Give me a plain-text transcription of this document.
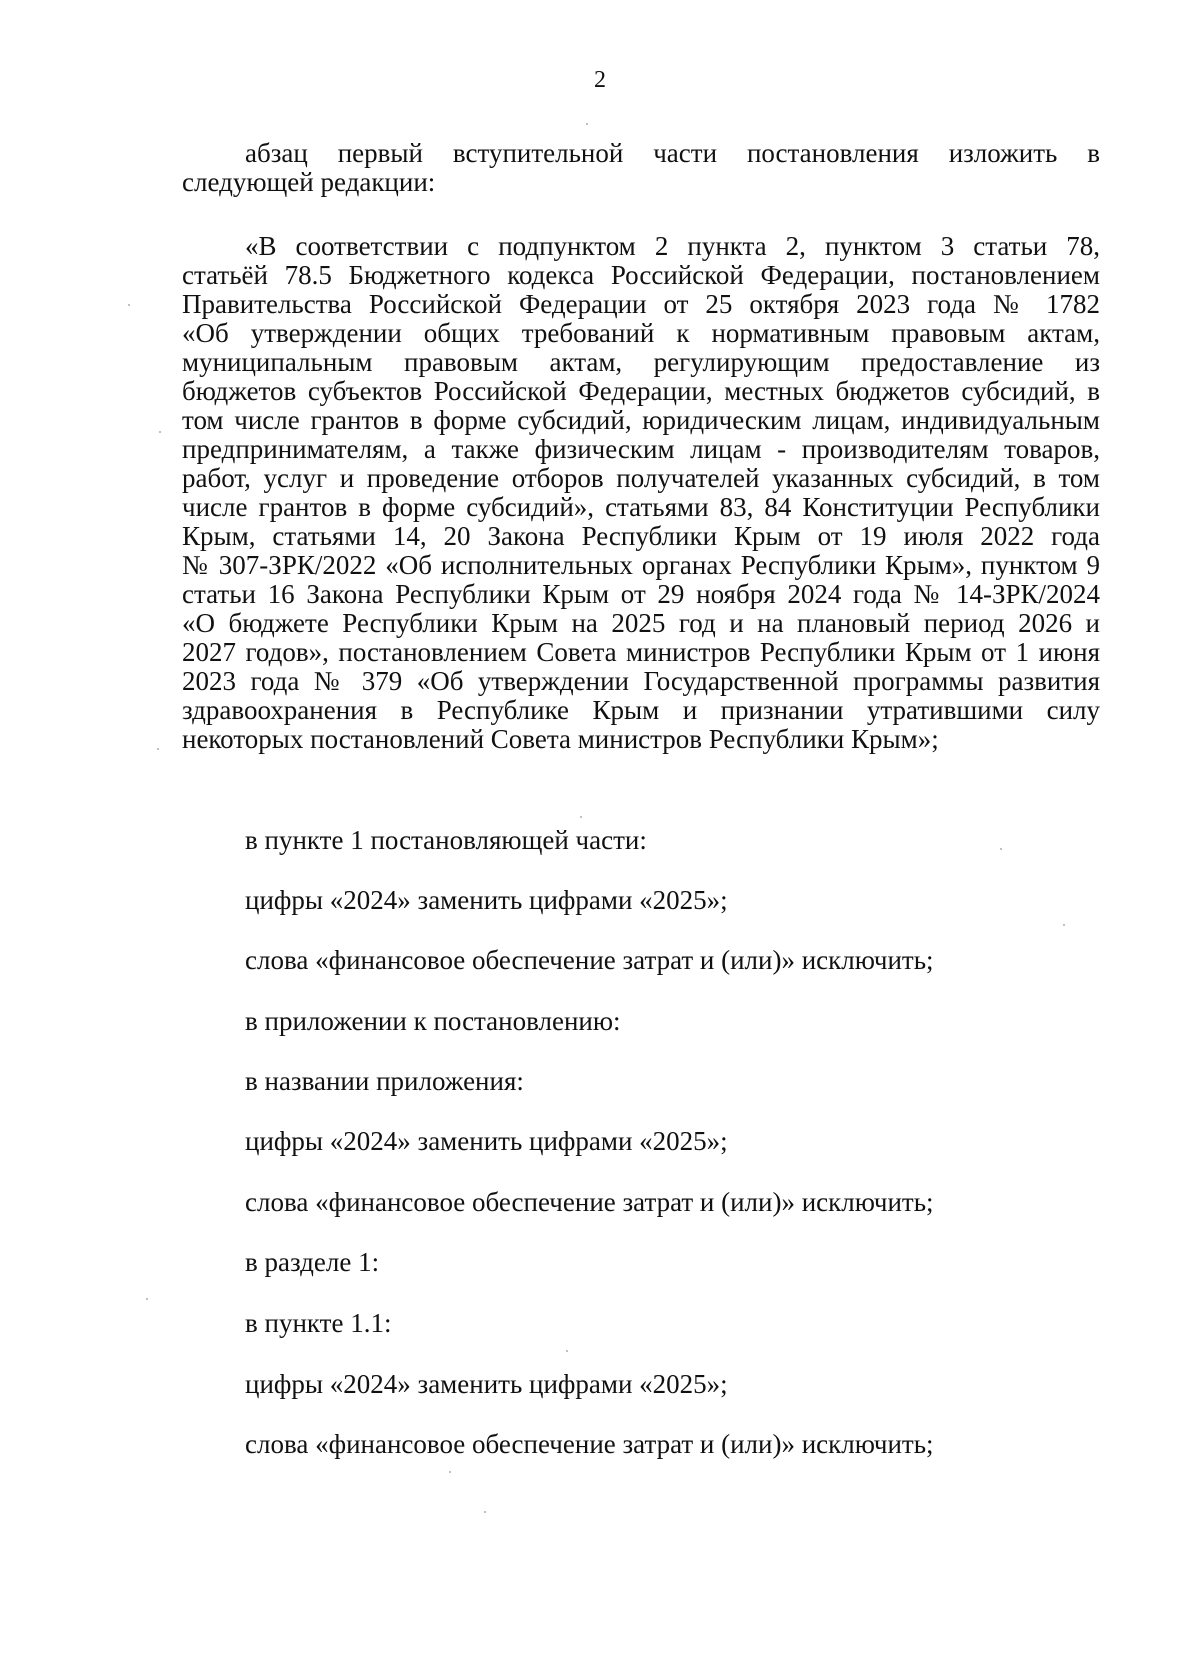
2
абзац первый вступительной части постановления изложить в
следующей редакции:
«В соответствии с подпунктом 2 пункта 2, пунктом 3 статьи 78,
статьёй 78.5 Бюджетного кодекса Российской Федерации, постановлением
Правительства Российской Федерации от 25 октября 2023 года № 1782
«Об утверждении общих требований к нормативным правовым актам,
муниципальным правовым актам, регулирующим предоставление из
бюджетов субъектов Российской Федерации, местных бюджетов субсидий, в
том числе грантов в форме субсидий, юридическим лицам, индивидуальным
предпринимателям, а также физическим лицам - производителям товаров,
работ, услуг и проведение отборов получателей указанных субсидий, в том
числе грантов в форме субсидий», статьями 83, 84 Конституции Республики
Крым, статьями 14, 20 Закона Республики Крым от 19 июля 2022 года
№ 307-ЗРК/2022 «Об исполнительных органах Республики Крым», пунктом 9
статьи 16 Закона Республики Крым от 29 ноября 2024 года № 14-ЗРК/2024
«О бюджете Республики Крым на 2025 год и на плановый период 2026 и
2027 годов», постановлением Совета министров Республики Крым от 1 июня
2023 года № 379 «Об утверждении Государственной программы развития
здравоохранения в Республике Крым и признании утратившими силу
некоторых постановлений Совета министров Республики Крым»;
в пункте 1 постановляющей части:
цифры «2024» заменить цифрами «2025»;
слова «финансовое обеспечение затрат и (или)» исключить;
в приложении к постановлению:
в названии приложения:
цифры «2024» заменить цифрами «2025»;
слова «финансовое обеспечение затрат и (или)» исключить;
в разделе 1:
в пункте 1.1:
цифры «2024» заменить цифрами «2025»;
слова «финансовое обеспечение затрат и (или)» исключить;
